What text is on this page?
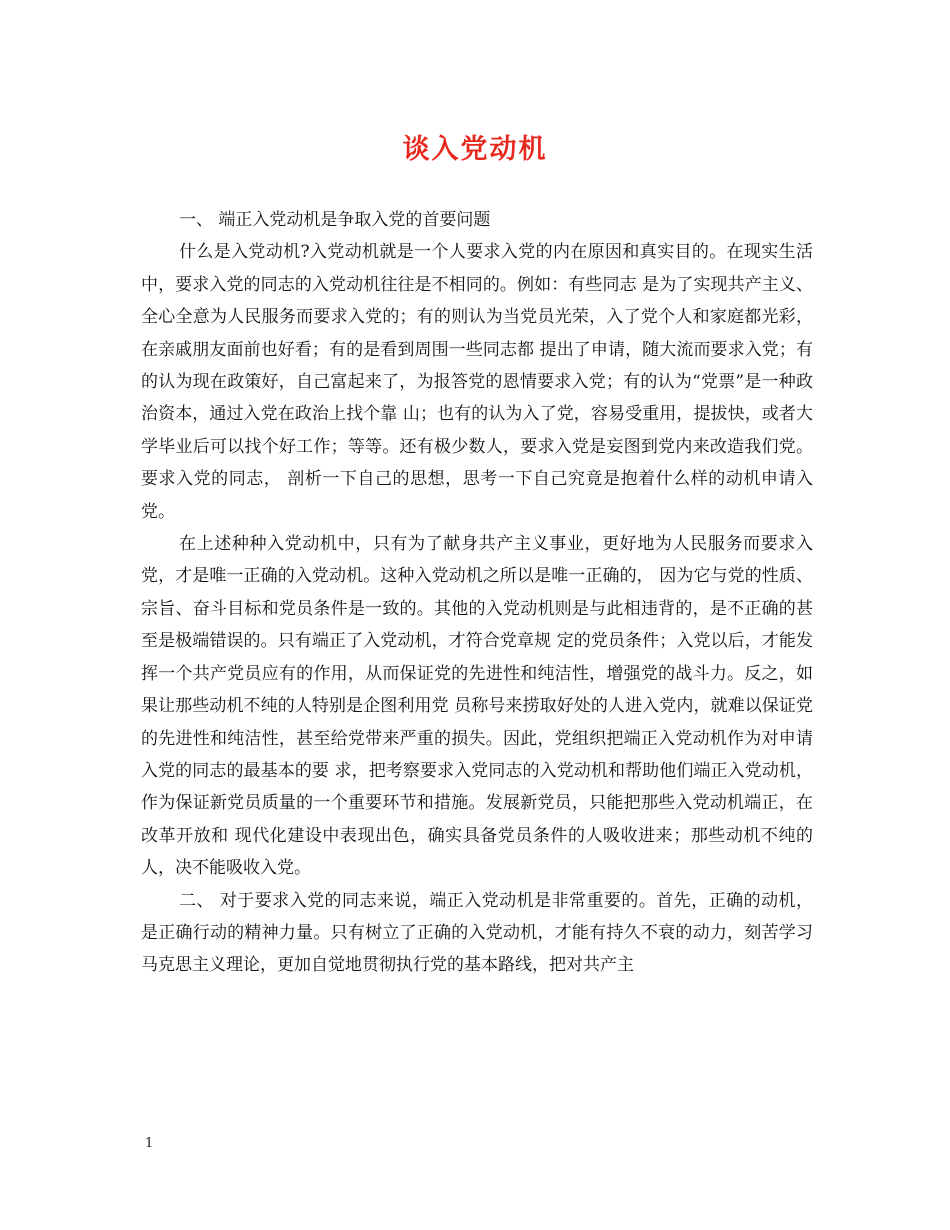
谈入党动机

一、 端正入党动机是争取入党的首要问题

什么是入党动机?入党动机就是一个人要求入党的内在原因和真实目的。在现实生活中，要求入党的同志的入党动机往往是不相同的。例如：有些同志 是为了实现共产主义、全心全意为人民服务而要求入党的；有的则认为当党员光荣，入了党个人和家庭都光彩，在亲戚朋友面前也好看；有的是看到周围一些同志都 提出了申请，随大流而要求入党；有的认为现在政策好，自己富起来了，为报答党的恩情要求入党；有的认为“党票”是一种政治资本，通过入党在政治上找个靠 山；也有的认为入了党，容易受重用，提拔快，或者大学毕业后可以找个好工作；等等。还有极少数人，要求入党是妄图到党内来改造我们党。要求入党的同志， 剖析一下自己的思想，思考一下自己究竟是抱着什么样的动机申请入党。

在上述种种入党动机中，只有为了献身共产主义事业，更好地为人民服务而要求入党，才是唯一正确的入党动机。这种入党动机之所以是唯一正确的， 因为它与党的性质、宗旨、奋斗目标和党员条件是一致的。其他的入党动机则是与此相违背的，是不正确的甚至是极端错误的。只有端正了入党动机，才符合党章规 定的党员条件；入党以后，才能发挥一个共产党员应有的作用，从而保证党的先进性和纯洁性，增强党的战斗力。反之，如果让那些动机不纯的人特别是企图利用党 员称号来捞取好处的人进入党内，就难以保证党的先进性和纯洁性，甚至给党带来严重的损失。因此，党组织把端正入党动机作为对申请入党的同志的最基本的要 求，把考察要求入党同志的入党动机和帮助他们端正入党动机，作为保证新党员质量的一个重要环节和措施。发展新党员，只能把那些入党动机端正，在改革开放和 现代化建设中表现出色，确实具备党员条件的人吸收进来；那些动机不纯的人，决不能吸收入党。

二、 对于要求入党的同志来说，端正入党动机是非常重要的。首先，正确的动机，是正确行动的精神力量。只有树立了正确的入党动机，才能有持久不衰的动力，刻苦学习马克思主义理论，更加自觉地贯彻执行党的基本路线，把对共产主

1
